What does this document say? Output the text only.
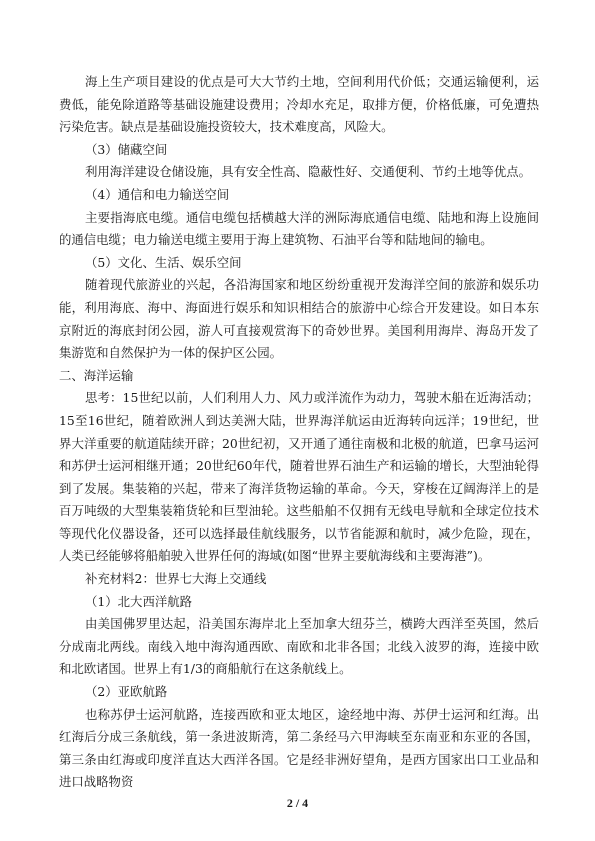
海上生产项目建设的优点是可大大节约土地，空间利用代价低；交通运输便利，运费低，能免除道路等基础设施建设费用；冷却水充足，取排方便，价格低廉，可免遭热污染危害。缺点是基础设施投资较大，技术难度高，风险大。

（3）储藏空间

利用海洋建设仓储设施，具有安全性高、隐蔽性好、交通便利、节约土地等优点。

（4）通信和电力输送空间

主要指海底电缆。通信电缆包括横越大洋的洲际海底通信电缆、陆地和海上设施间的通信电缆；电力输送电缆主要用于海上建筑物、石油平台等和陆地间的输电。

（5）文化、生活、娱乐空间

随着现代旅游业的兴起，各沿海国家和地区纷纷重视开发海洋空间的旅游和娱乐功能，利用海底、海中、海面进行娱乐和知识相结合的旅游中心综合开发建设。如日本东京附近的海底封闭公园，游人可直接观赏海下的奇妙世界。美国利用海岸、海岛开发了集游览和自然保护为一体的保护区公园。

二、海洋运输

思考：15世纪以前，人们利用人力、风力或洋流作为动力，驾驶木船在近海活动；15至16世纪，随着欧洲人到达美洲大陆，世界海洋航运由近海转向远洋；19世纪，世界大洋重要的航道陆续开辟；20世纪初，又开通了通往南极和北极的航道，巴拿马运河和苏伊士运河相继开通；20世纪60年代，随着世界石油生产和运输的增长，大型油轮得到了发展。集装箱的兴起，带来了海洋货物运输的革命。今天，穿梭在辽阔海洋上的是百万吨级的大型集装箱货轮和巨型油轮。这些船舶不仅拥有无线电导航和全球定位技术等现代化仪器设备，还可以选择最佳航线服务，以节省能源和航时，减少危险，现在，人类已经能够将船舶驶入世界任何的海域(如图“世界主要航海线和主要海港”)。

补充材料2：世界七大海上交通线

（1）北大西洋航路

由美国佛罗里达起，沿美国东海岸北上至加拿大纽芬兰，横跨大西洋至英国，然后分成南北两线。南线入地中海沟通西欧、南欧和北非各国；北线入波罗的海，连接中欧和北欧诸国。世界上有1/3的商船航行在这条航线上。

（2）亚欧航路

也称苏伊士运河航路，连接西欧和亚太地区，途经地中海、苏伊士运河和红海。出红海后分成三条航线，第一条进波斯湾，第二条经马六甲海峡至东南亚和东亚的各国，第三条由红海或印度洋直达大西洋各国。它是经非洲好望角，是西方国家出口工业品和进口战略物资

2 / 4
